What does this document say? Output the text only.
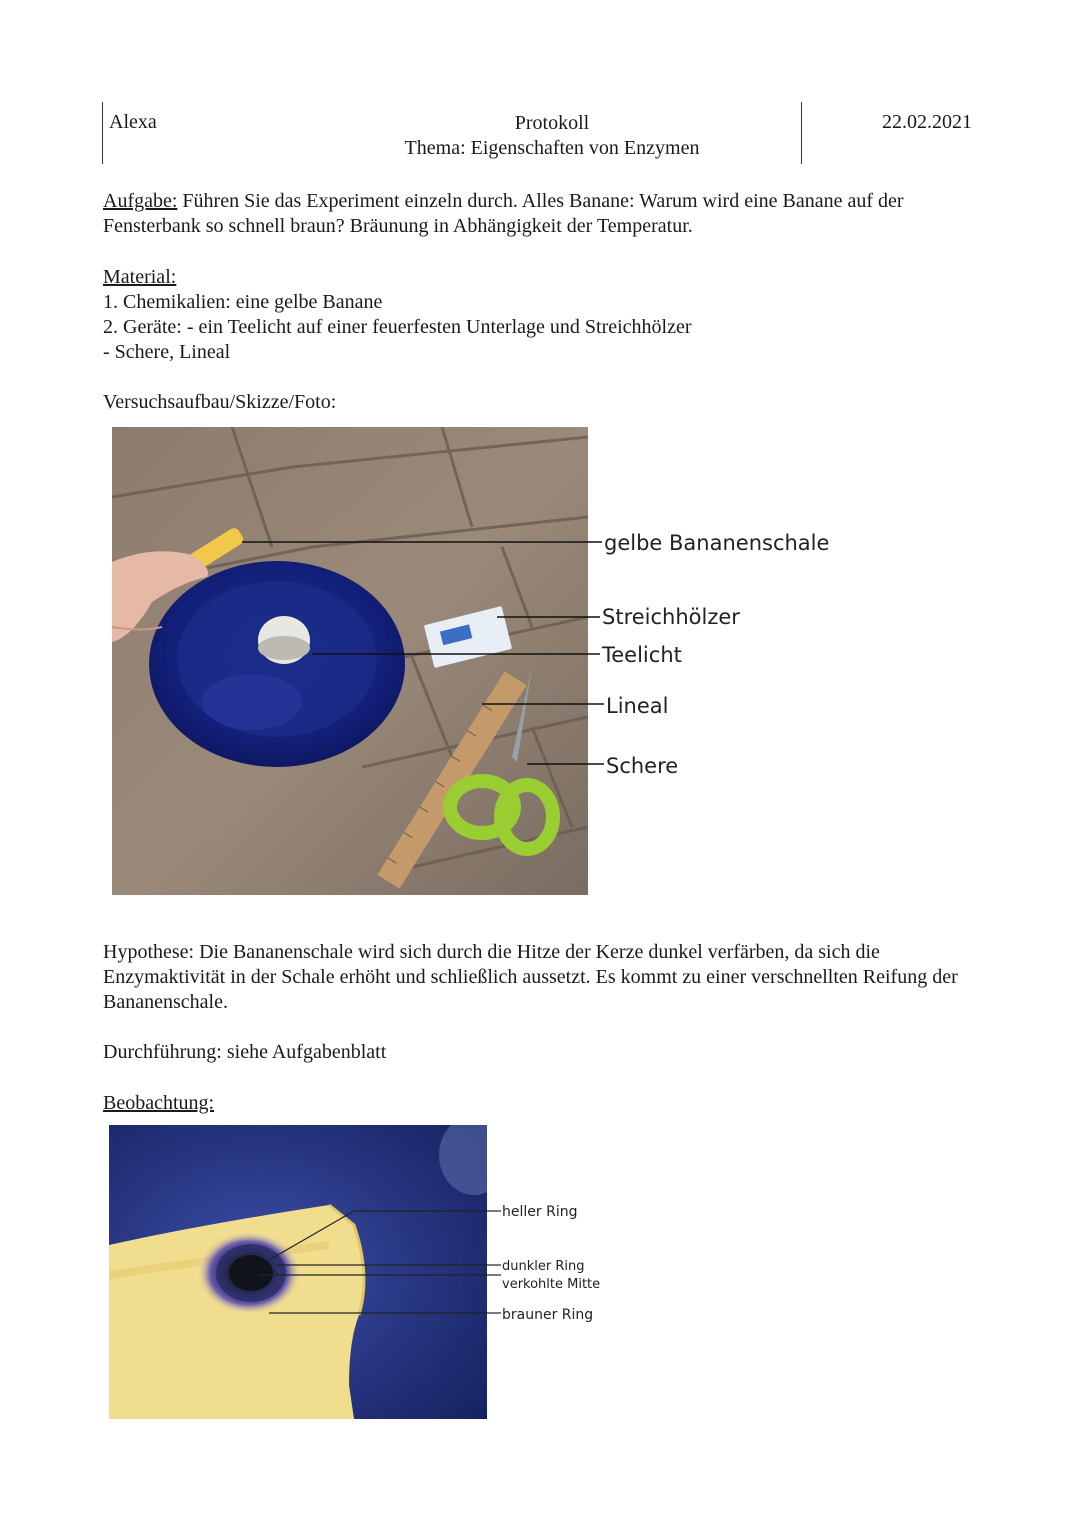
Alexa	Protokoll
Thema: Eigenschaften von Enzymen
22.02.2021

Aufgabe: Führen Sie das Experiment einzeln durch. Alles Banane: Warum wird eine Banane auf der Fensterbank so schnell braun? Bräunung in Abhängigkeit der Temperatur.

Material:
1. Chemikalien: eine gelbe Banane
2. Geräte: - ein Teelicht auf einer feuerfesten Unterlage und Streichhölzer
- Schere, Lineal

Versuchsaufbau/Skizze/Foto:

gelbe Bananenschale
Streichhölzer
Teelicht
Lineal
Schere

Hypothese: Die Bananenschale wird sich durch die Hitze der Kerze dunkel verfärben, da sich die Enzymaktivität in der Schale erhöht und schließlich aussetzt. Es kommt zu einer verschnellten Reifung der Bananenschale.

Durchführung: siehe Aufgabenblatt

Beobachtung:

heller Ring
dunkler Ring
verkohlte Mitte
brauner Ring
